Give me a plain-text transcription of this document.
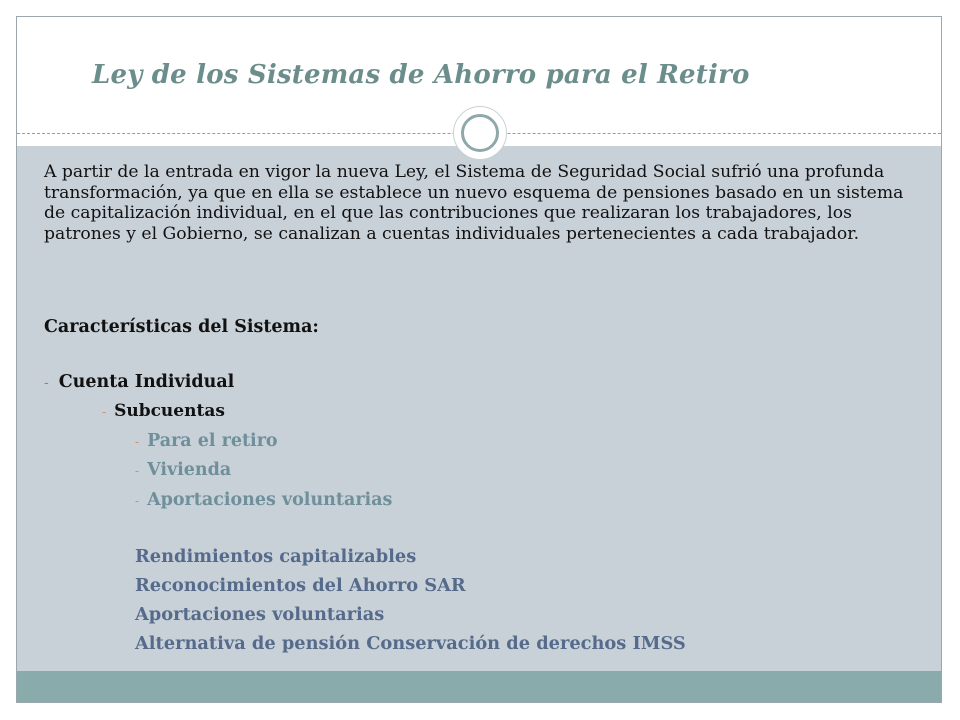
Ley de los Sistemas de Ahorro para el Retiro

A partir de la entrada en vigor la nueva Ley, el Sistema de Seguridad Social sufrió una profunda transformación, ya que en ella se establece un nuevo esquema de pensiones basado en un sistema de capitalización individual, en el que las contribuciones que realizaran los trabajadores, los patrones y el Gobierno, se canalizan a cuentas individuales pertenecientes a cada trabajador.

Características del Sistema:

- Cuenta Individual
- Subcuentas
- Para el retiro
- Vivienda
- Aportaciones voluntarias

Rendimientos capitalizables

Reconocimientos del Ahorro SAR

Aportaciones voluntarias

Alternativa de pensión Conservación de derechos IMSS
